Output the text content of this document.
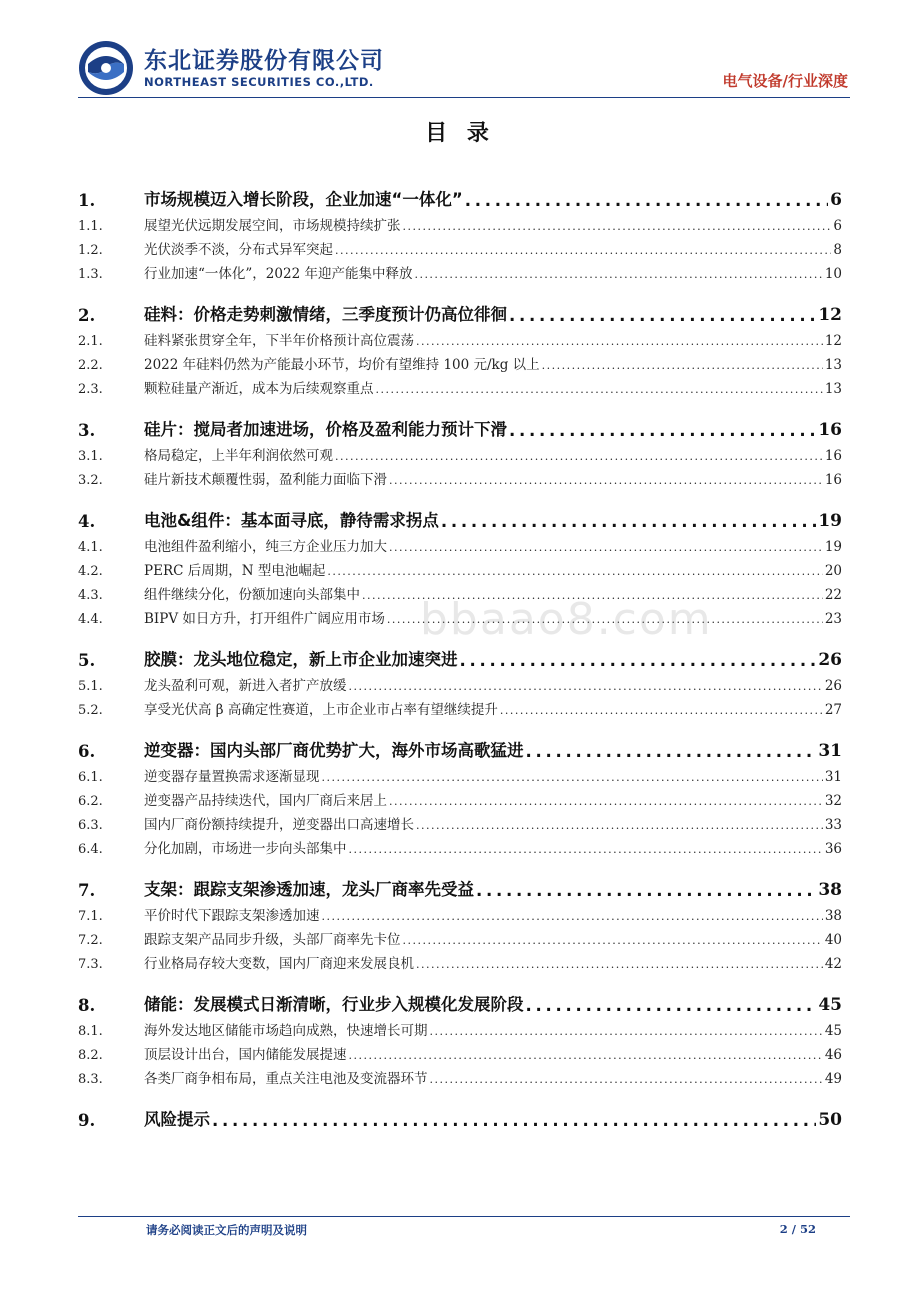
东北证券股份有限公司
NORTHEAST SECURITIES CO.,LTD.	电气设备/行业深度
目 录
1.	市场规模迈入增长阶段，企业加速“一体化” . . .	6
1.1.	展望光伏远期发展空间，市场规模持续扩张 . . .	6
1.2.	光伏淡季不淡，分布式异军突起 . . .	8
1.3.	行业加速“一体化”，2022 年迎产能集中释放 . . .	10
2.	硅料：价格走势刺激情绪，三季度预计仍高位徘徊 . . .	12
2.1.	硅料紧张贯穿全年，下半年价格预计高位震荡 . . .	12
2.2.	2022 年硅料仍然为产能最小环节，均价有望维持 100 元/kg 以上 . . .	13
2.3.	颗粒硅量产渐近，成本为后续观察重点 . . .	13
3.	硅片：搅局者加速进场，价格及盈利能力预计下滑 . . .	16
3.1.	格局稳定，上半年利润依然可观 . . .	16
3.2.	硅片新技术颠覆性弱，盈利能力面临下滑 . . .	16
4.	电池&组件：基本面寻底，静待需求拐点 . . .	19
4.1.	电池组件盈利缩小，纯三方企业压力加大 . . .	19
4.2.	PERC 后周期，N 型电池崛起 . . .	20
4.3.	组件继续分化，份额加速向头部集中 . . .	22
4.4.	BIPV 如日方升，打开组件广阔应用市场 . . .	23
5.	胶膜：龙头地位稳定，新上市企业加速突进 . . .	26
5.1.	龙头盈利可观，新进入者扩产放缓 . . .	26
5.2.	享受光伏高 β 高确定性赛道，上市企业市占率有望继续提升 . . .	27
6.	逆变器：国内头部厂商优势扩大，海外市场高歌猛进 . . .	31
6.1.	逆变器存量置换需求逐渐显现 . . .	31
6.2.	逆变器产品持续迭代，国内厂商后来居上 . . .	32
6.3.	国内厂商份额持续提升，逆变器出口高速增长 . . .	33
6.4.	分化加剧，市场进一步向头部集中 . . .	36
7.	支架：跟踪支架渗透加速，龙头厂商率先受益 . . .	38
7.1.	平价时代下跟踪支架渗透加速 . . .	38
7.2.	跟踪支架产品同步升级，头部厂商率先卡位 . . .	40
7.3.	行业格局存较大变数，国内厂商迎来发展良机 . . .	42
8.	储能：发展模式日渐清晰，行业步入规模化发展阶段 . . .	45
8.1.	海外发达地区储能市场趋向成熟，快速增长可期 . . .	45
8.2.	顶层设计出台，国内储能发展提速 . . .	46
8.3.	各类厂商争相布局，重点关注电池及变流器环节 . . .	49
9.	风险提示 . . .	50
bbaao8.com
请务必阅读正文后的声明及说明	2 / 52
